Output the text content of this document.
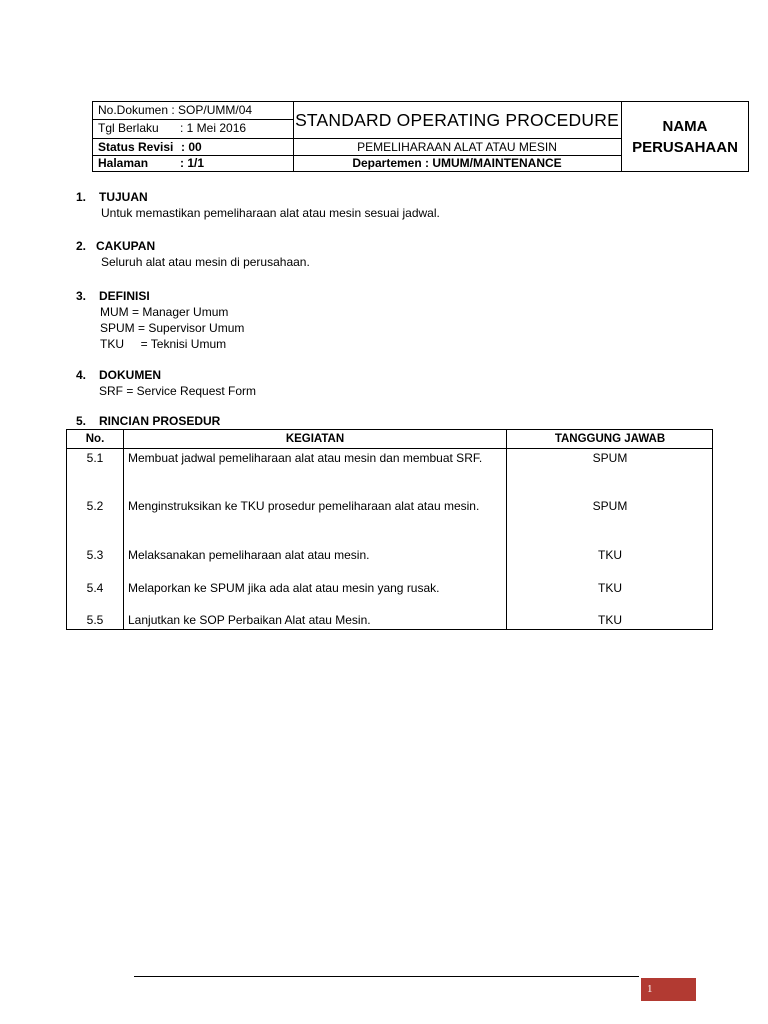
No.Dokumen : SOP/UMM/04
Tgl Berlaku : 1 Mei 2016
Status Revisi : 00
Halaman	: 1/1
STANDARD OPERATING PROCEDURE
PEMELIHARAAN ALAT ATAU MESIN
Departemen : UMUM/MAINTENANCE
NAMA
PERUSAHAAN
1. TUJUAN
Untuk memastikan pemeliharaan alat atau mesin sesuai jadwal.
2. CAKUPAN
Seluruh alat atau mesin di perusahaan.
3. DEFINISI
MUM = Manager Umum
SPUM = Supervisor Umum
TKU     = Teknisi Umum
4. DOKUMEN
SRF = Service Request Form
5. RINCIAN PROSEDUR
No.	KEGIATAN	TANGGUNG JAWAB
5.1	Membuat jadwal pemeliharaan alat atau mesin dan membuat SRF.	SPUM
5.2	Menginstruksikan ke TKU prosedur pemeliharaan alat atau mesin.	SPUM
5.3	Melaksanakan pemeliharaan alat atau mesin.	TKU
5.4	Melaporkan ke SPUM jika ada alat atau mesin yang rusak.	TKU
5.5	Lanjutkan ke SOP Perbaikan Alat atau Mesin.	TKU
1
